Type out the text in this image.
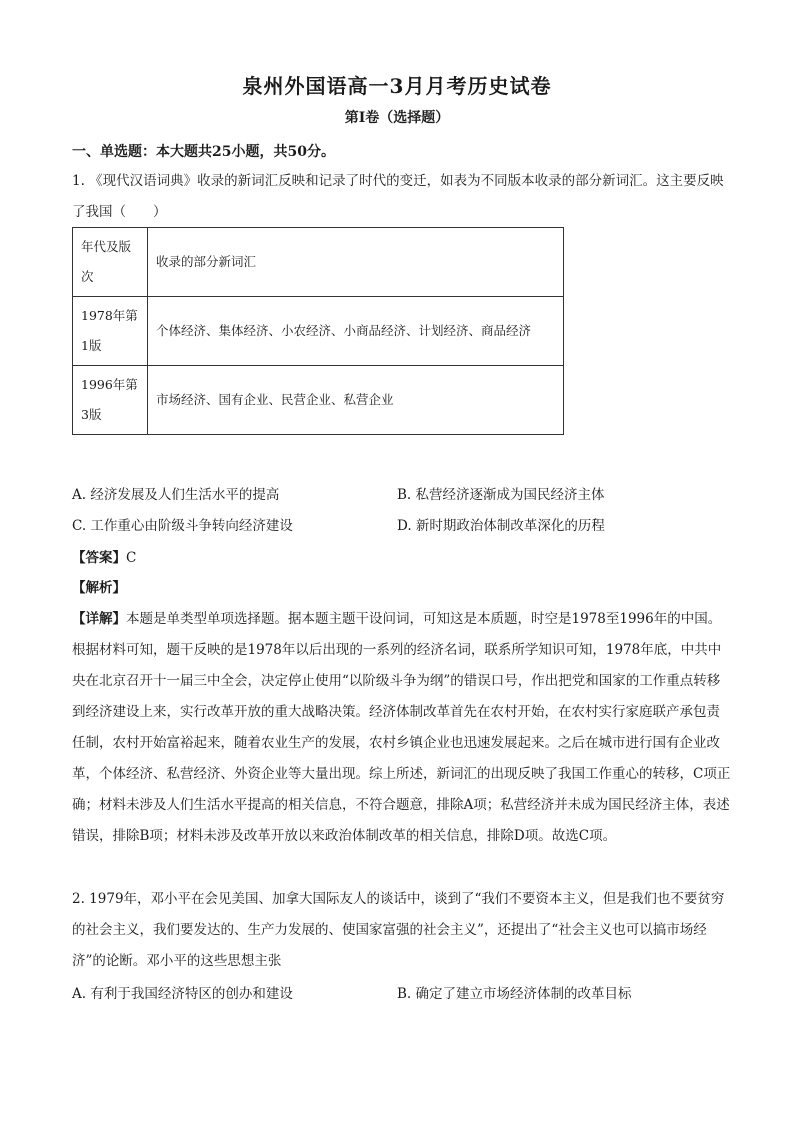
泉州外国语高一3月月考历史试卷
第Ⅰ卷（选择题）
一、单选题：本大题共25小题，共50分。
1. 《现代汉语词典》收录的新词汇反映和记录了时代的变迁，如表为不同版本收录的部分新词汇。这主要反映了我国（　　）
年代及版次	收录的部分新词汇
1978年第1版	个体经济、集体经济、小农经济、小商品经济、计划经济、商品经济
1996年第3版	市场经济、国有企业、民营企业、私营企业
A. 经济发展及人们生活水平的提高	B. 私营经济逐渐成为国民经济主体
C. 工作重心由阶级斗争转向经济建设	D. 新时期政治体制改革深化的历程
【答案】C
【解析】
【详解】本题是单类型单项选择题。据本题主题干设问词，可知这是本质题，时空是1978至1996年的中国。根据材料可知，题干反映的是1978年以后出现的一系列的经济名词，联系所学知识可知，1978年底，中共中央在北京召开十一届三中全会，决定停止使用“以阶级斗争为纲”的错误口号，作出把党和国家的工作重点转移到经济建设上来，实行改革开放的重大战略决策。经济体制改革首先在农村开始，在农村实行家庭联产承包责任制，农村开始富裕起来，随着农业生产的发展，农村乡镇企业也迅速发展起来。之后在城市进行国有企业改革，个体经济、私营经济、外资企业等大量出现。综上所述，新词汇的出现反映了我国工作重心的转移，C项正确；材料未涉及人们生活水平提高的相关信息，不符合题意，排除A项；私营经济并未成为国民经济主体，表述错误，排除B项；材料未涉及改革开放以来政治体制改革的相关信息，排除D项。故选C项。
2. 1979年，邓小平在会见美国、加拿大国际友人的谈话中，谈到了“我们不要资本主义，但是我们也不要贫穷的社会主义，我们要发达的、生产力发展的、使国家富强的社会主义”，还提出了“社会主义也可以搞市场经济”的论断。邓小平的这些思想主张
A. 有利于我国经济特区的创办和建设	B. 确定了建立市场经济体制的改革目标
